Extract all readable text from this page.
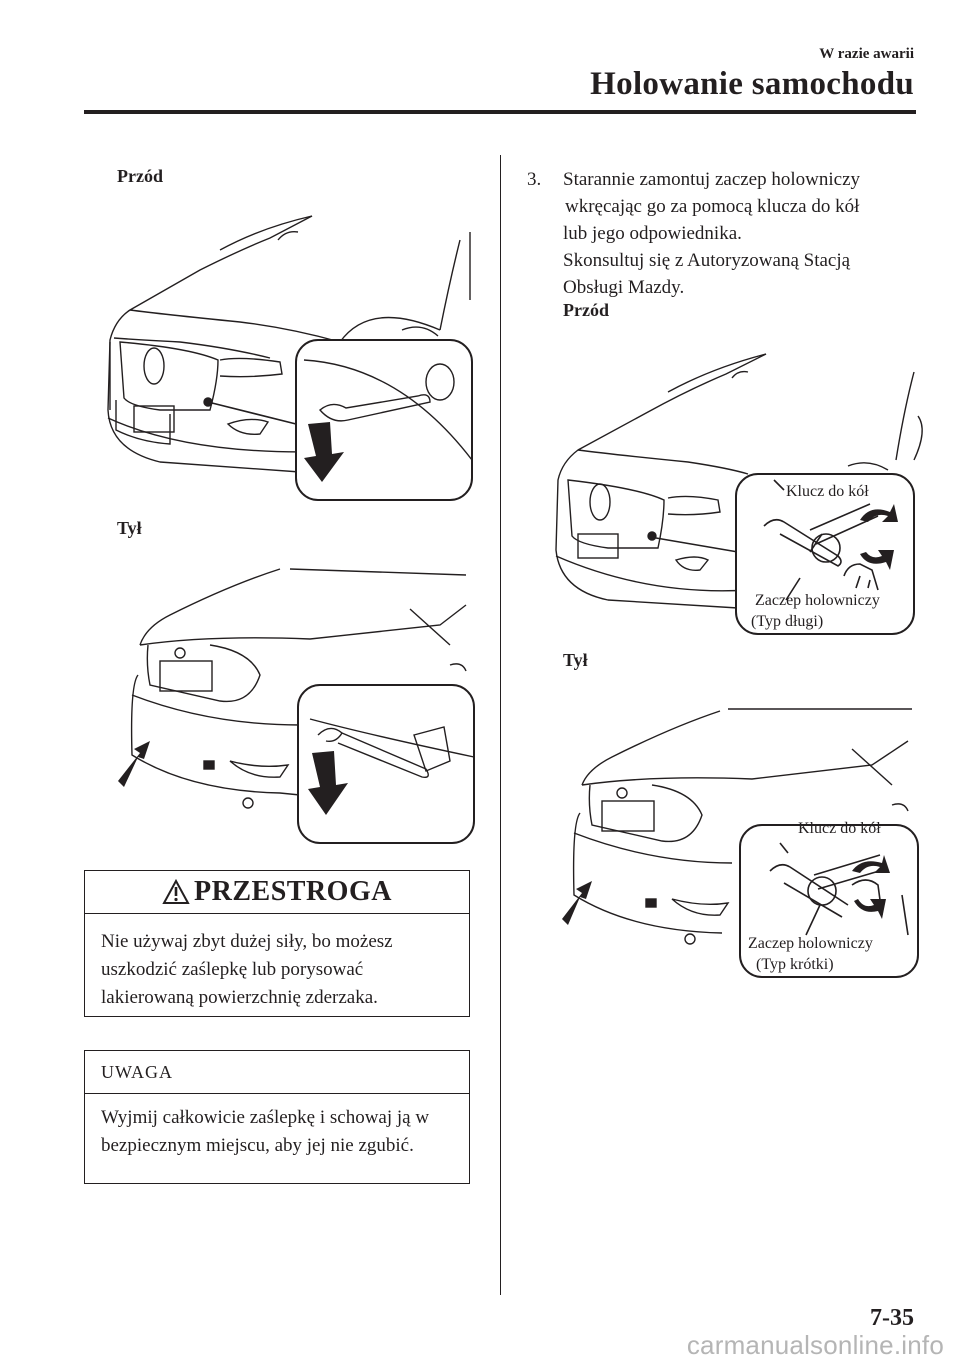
W razie awarii
Holowanie samochodu
Przód
Tył
PRZESTROGA
Nie używaj zbyt dużej siły, bo możesz uszkodzić zaślepkę lub porysować lakierowaną powierzchnię zderzaka.
UWAGA
Wyjmij całkowicie zaślepkę i schowaj ją w bezpiecznym miejscu, aby jej nie zgubić.
3. Starannie zamontuj zaczep holowniczy
wkręcając go za pomocą klucza do kół
lub jego odpowiednika.
Skonsultuj się z Autoryzowaną Stacją
Obsługi Mazdy.
Przód
Klucz do kół
Zaczep holowniczy
(Typ długi)
Tył
Klucz do kół
Zaczep holowniczy
(Typ krótki)
7-35
carmanualsonline.info
